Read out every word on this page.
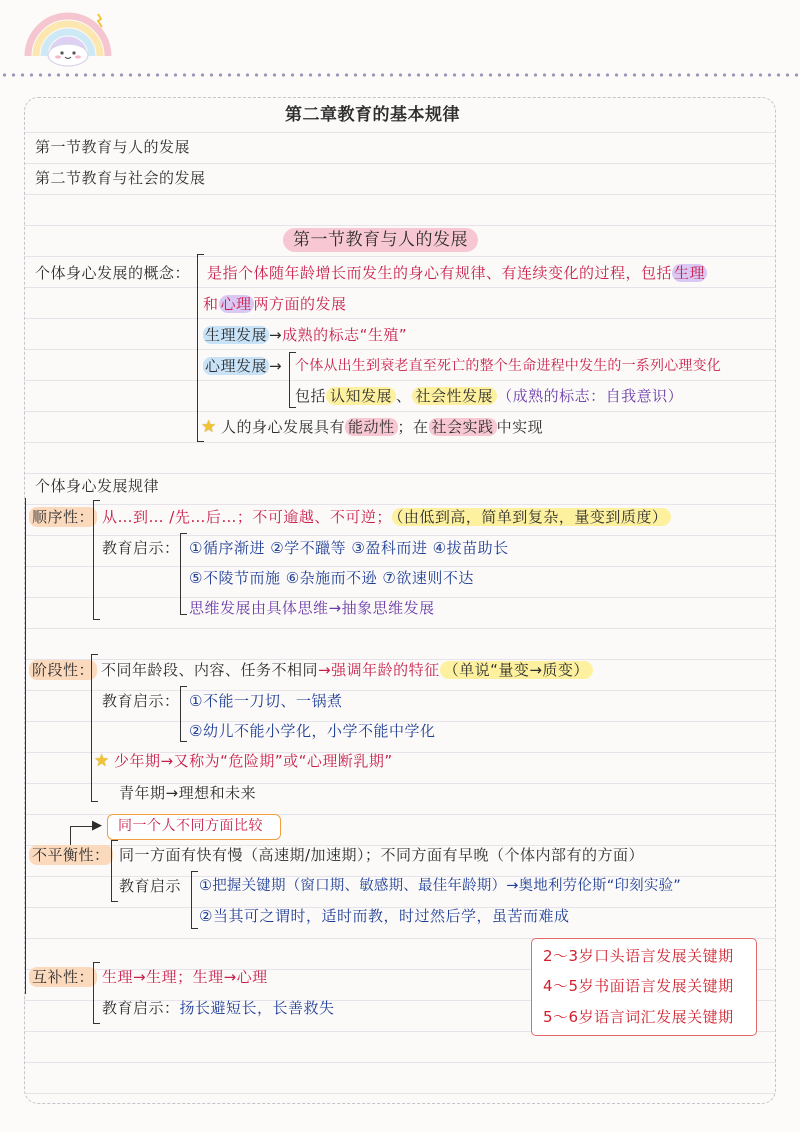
第二章教育的基本规律
第一节教育与人的发展
第二节教育与社会的发展
第一节教育与人的发展
个体身心发展的概念： 是指个体随年龄增长而发生的身心有规律、有连续变化的过程，包括 生理
和 心理 两方面的发展
生理发展 →成熟的标志“生殖”
心理发展 → 个体从出生到衰老直至死亡的整个生命进程中发生的一系列心理变化
包括 认知发展 、 社会性发展 （成熟的标志：自我意识）
★ 人的身心发展具有 能动性 ；在 社会实践 中实现
个体身心发展规律
顺序性： 从…到… /先…后…；不可逾越、不可逆； （由低到高，简单到复杂，量变到质度）
教育启示： ①循序渐进 ②学不躐等 ③盈科而进 ④拔苗助长
⑤不陵节而施 ⑥杂施而不逊 ⑦欲速则不达
思维发展由具体思维→抽象思维发展
阶段性： 不同年龄段、内容、任务不相同→强调年龄的特征 （单说“量变→质变）
教育启示： ①不能一刀切、一锅煮
②幼儿不能小学化，小学不能中学化
★ 少年期→又称为“危险期”或“心理断乳期”
青年期→理想和未来
▶ 同一个人不同方面比较
不平衡性： 同一方面有快有慢（高速期/加速期）；不同方面有早晚（个体内部有的方面）
教育启示 ①把握关键期（窗口期、敏感期、最佳年龄期）→奥地利劳伦斯“印刻实验”
②当其可之谓时，适时而教，时过然后学，虽苦而难成
互补性： 生理→生理；生理→心理
教育启示：扬长避短长，长善救失
2～3岁口头语言发展关键期
4～5岁书面语言发展关键期
5～6岁语言词汇发展关键期
